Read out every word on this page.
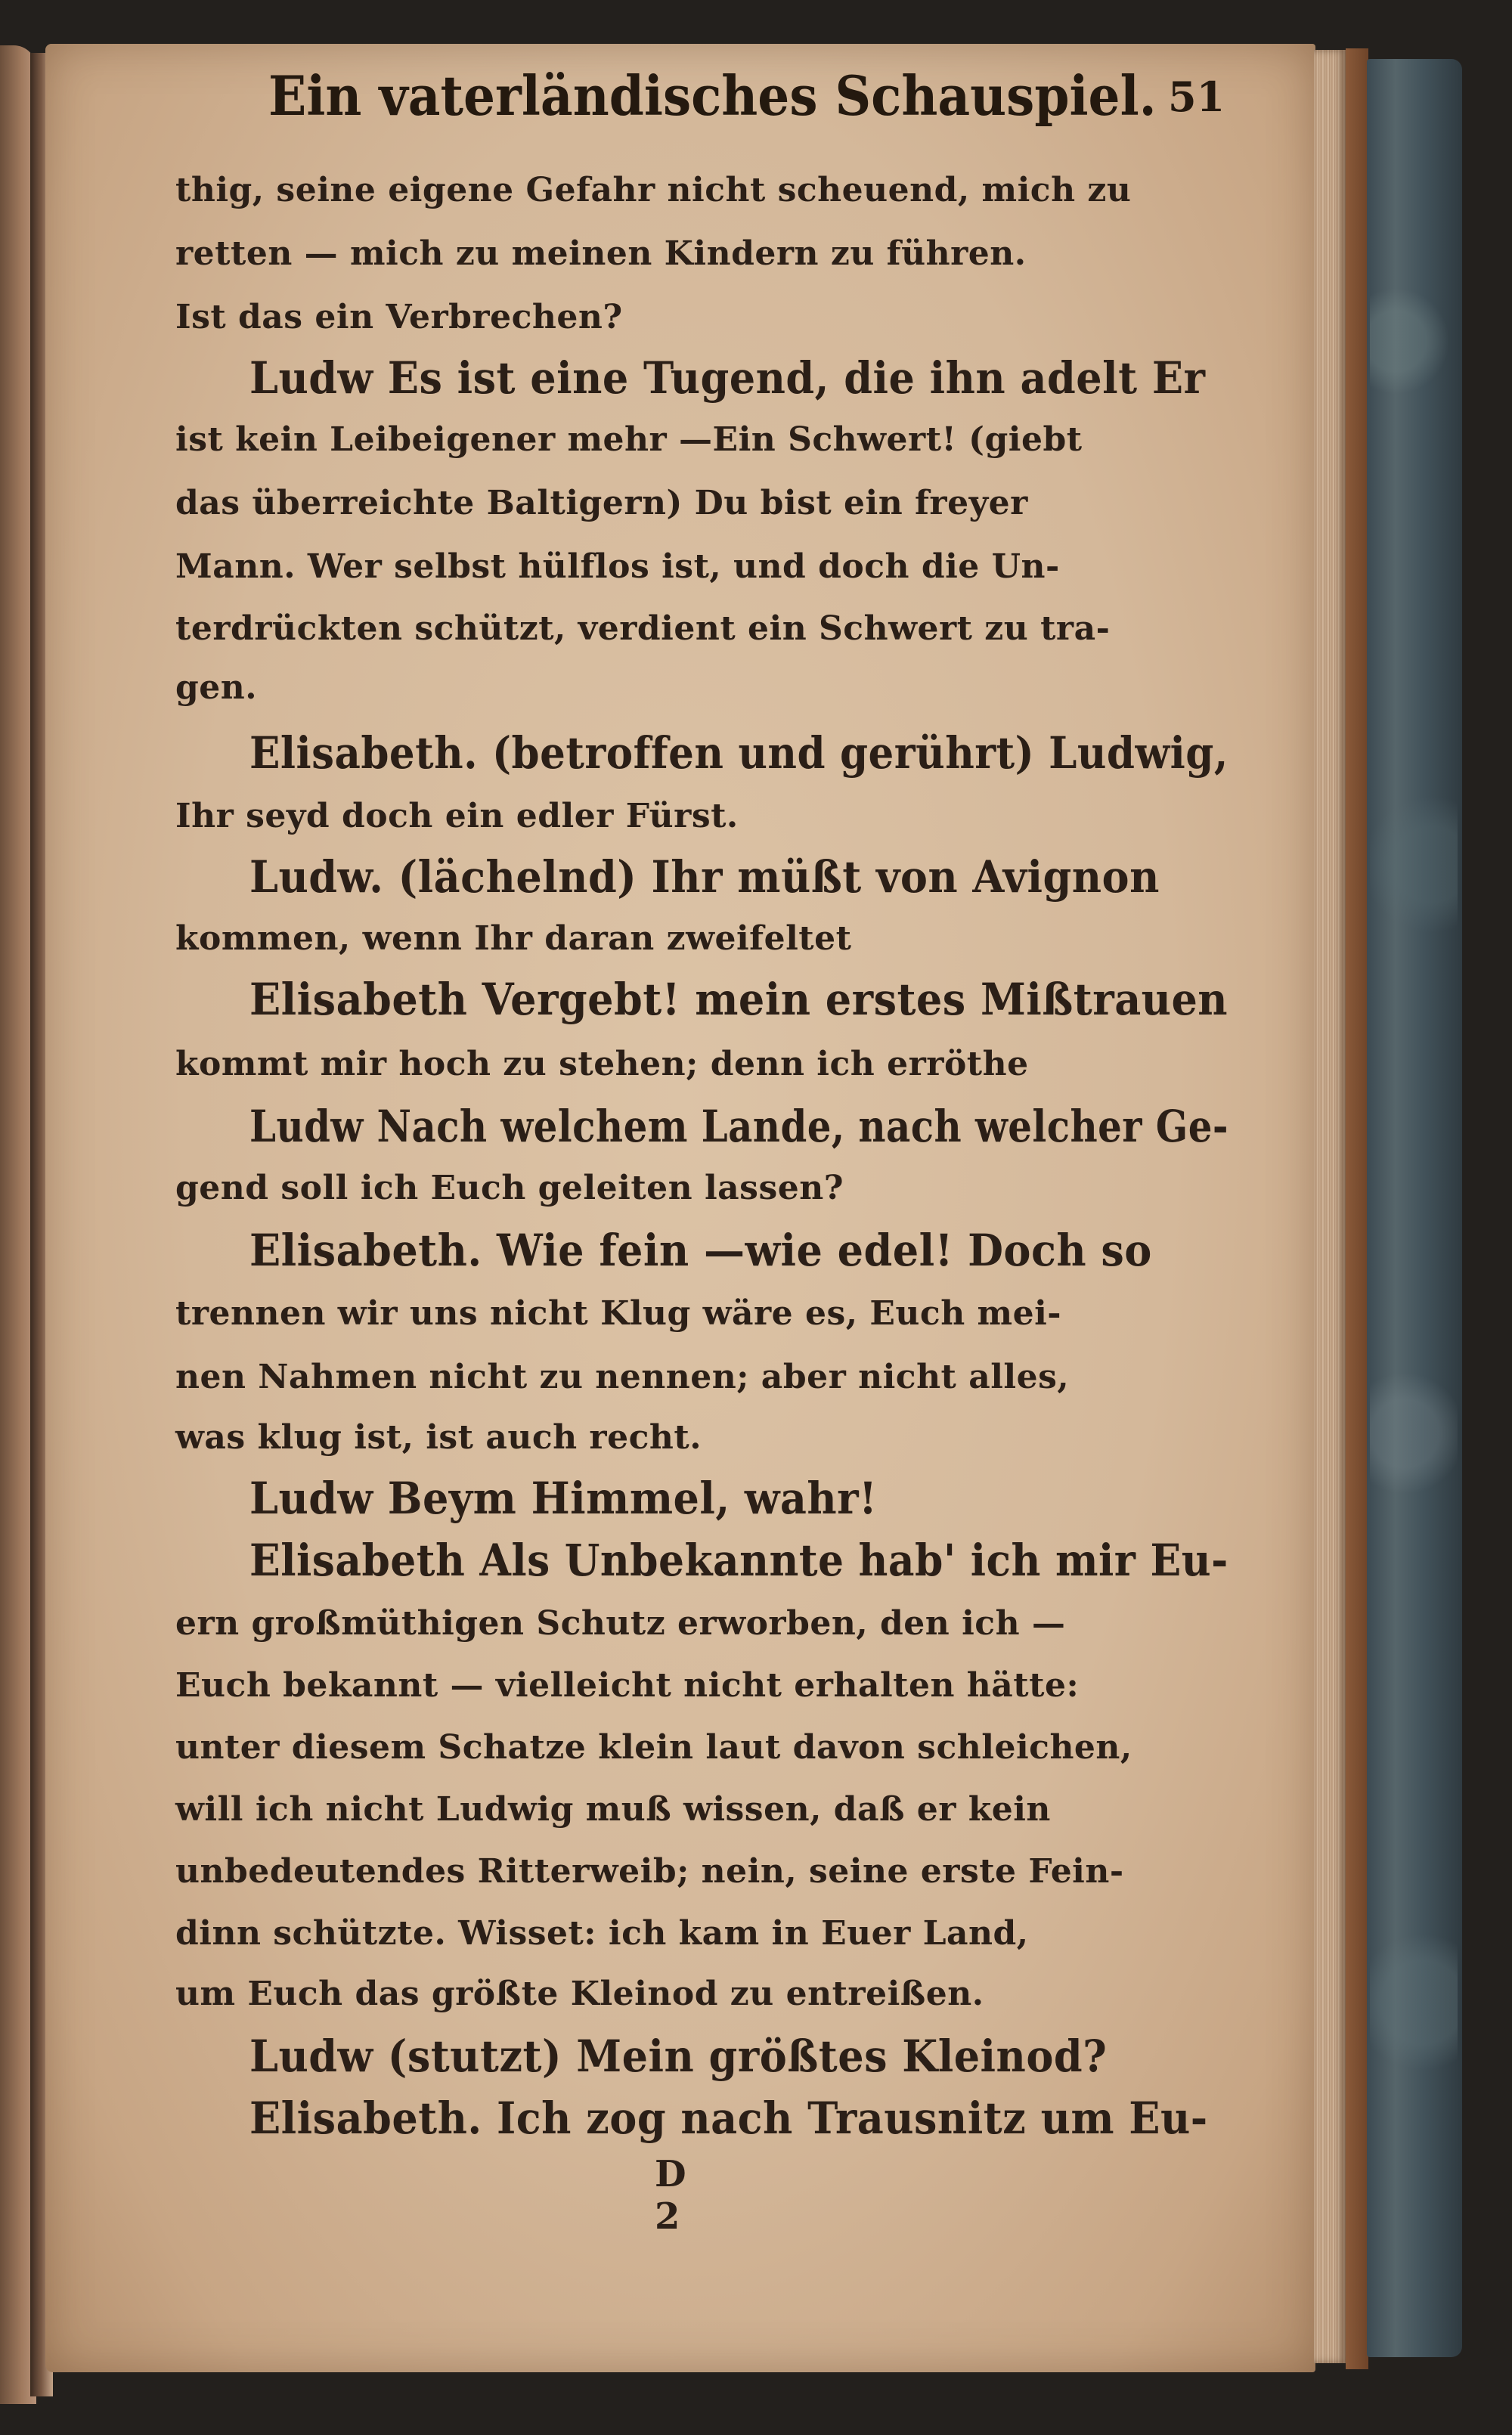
Ein vaterländisches Schauspiel. 51

thig, seine eigene Gefahr nicht scheuend, mich zu

retten — mich zu meinen Kindern zu führen.

Ist das ein Verbrechen?

Ludw Es ist eine Tugend, die ihn adelt Er

ist kein Leibeigener mehr —Ein Schwert! (giebt

das überreichte Baltigern) Du bist ein freyer

Mann. Wer selbst hülflos ist, und doch die Un-

terdrückten schützt, verdient ein Schwert zu tra-

gen.

Elisabeth. (betroffen und gerührt) Ludwig,

Ihr seyd doch ein edler Fürst.

Ludw. (lächelnd) Ihr müßt von Avignon

kommen, wenn Ihr daran zweifeltet

Elisabeth Vergebt! mein erstes Mißtrauen

kommt mir hoch zu stehen; denn ich erröthe

Ludw Nach welchem Lande, nach welcher Ge-

gend soll ich Euch geleiten lassen?

Elisabeth. Wie fein —wie edel! Doch so

trennen wir uns nicht Klug wäre es, Euch mei-

nen Nahmen nicht zu nennen; aber nicht alles,

was klug ist, ist auch recht.

Ludw Beym Himmel, wahr!

Elisabeth Als Unbekannte hab' ich mir Eu-

ern großmüthigen Schutz erworben, den ich —

Euch bekannt — vielleicht nicht erhalten hätte:

unter diesem Schatze klein laut davon schleichen,

will ich nicht Ludwig muß wissen, daß er kein

unbedeutendes Ritterweib; nein, seine erste Fein-

dinn schützte. Wisset: ich kam in Euer Land,

um Euch das größte Kleinod zu entreißen.

Ludw (stutzt) Mein größtes Kleinod?

Elisabeth. Ich zog nach Trausnitz um Eu-

D 2
